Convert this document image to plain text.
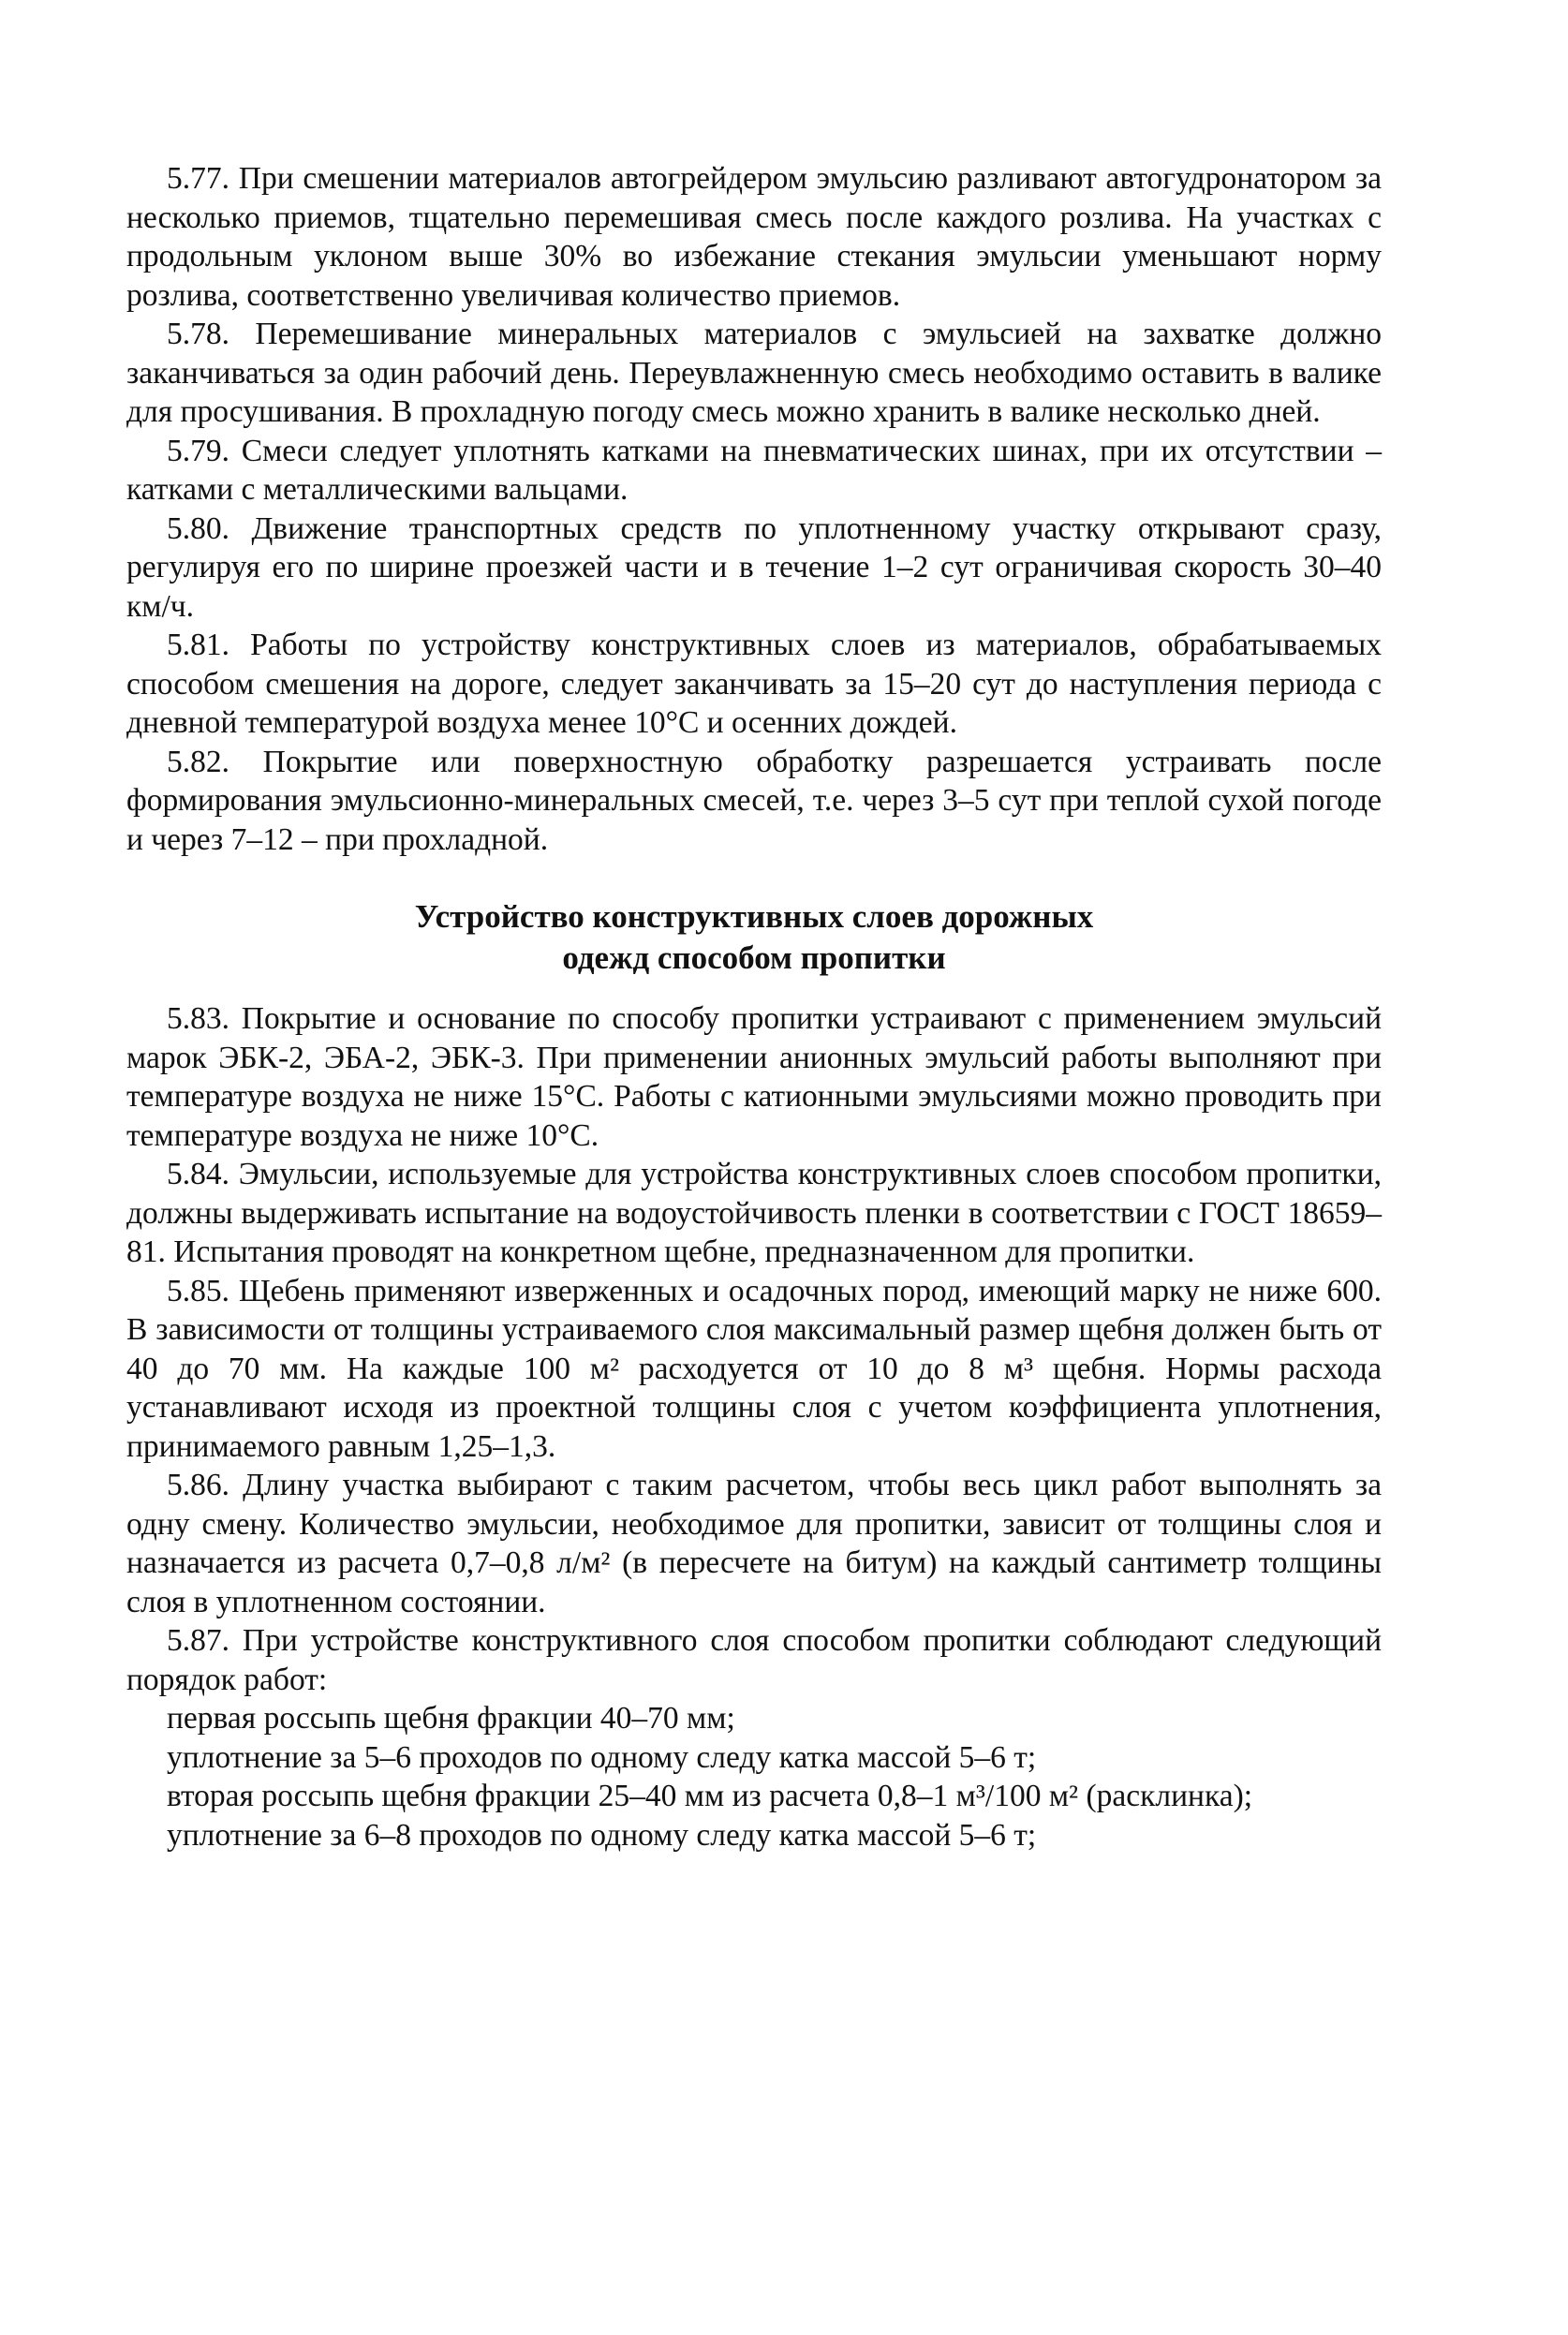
5.77. При смешении материалов автогрейдером эмульсию разливают автогудронатором за несколько приемов, тщательно перемешивая смесь после каждого розлива. На участках с продольным уклоном выше 30% во избежание стекания эмульсии уменьшают норму розлива, соответственно увеличивая количество приемов.

5.78. Перемешивание минеральных материалов с эмульсией на захватке должно заканчиваться за один рабочий день. Переувлажненную смесь необходимо оставить в валике для просушивания. В прохладную погоду смесь можно хранить в валике несколько дней.

5.79. Смеси следует уплотнять катками на пневматических шинах, при их отсутствии – катками с металлическими вальцами.

5.80. Движение транспортных средств по уплотненному участку открывают сразу, регулируя его по ширине проезжей части и в течение 1–2 сут ограничивая скорость 30–40 км/ч.

5.81. Работы по устройству конструктивных слоев из материалов, обрабатываемых способом смешения на дороге, следует заканчивать за 15–20 сут до наступления периода с дневной температурой воздуха менее 10°С и осенних дождей.

5.82. Покрытие или поверхностную обработку разрешается устраивать после формирования эмульсионно-минеральных смесей, т.е. через 3–5 сут при теплой сухой погоде и через 7–12 – при прохладной.

Устройство конструктивных слоев дорожных
одежд способом пропитки

5.83. Покрытие и основание по способу пропитки устраивают с применением эмульсий марок ЭБК-2, ЭБА-2, ЭБК-3. При применении анионных эмульсий работы выполняют при температуре воздуха не ниже 15°С. Работы с катионными эмульсиями можно проводить при температуре воздуха не ниже 10°С.

5.84. Эмульсии, используемые для устройства конструктивных слоев способом пропитки, должны выдерживать испытание на водоустойчивость пленки в соответствии с ГОСТ 18659–81. Испытания проводят на конкретном щебне, предназначенном для пропитки.

5.85. Щебень применяют изверженных и осадочных пород, имеющий марку не ниже 600. В зависимости от толщины устраиваемого слоя максимальный размер щебня должен быть от 40 до 70 мм. На каждые 100 м² расходуется от 10 до 8 м³ щебня. Нормы расхода устанавливают исходя из проектной толщины слоя с учетом коэффициента уплотнения, принимаемого равным 1,25–1,3.

5.86. Длину участка выбирают с таким расчетом, чтобы весь цикл работ выполнять за одну смену. Количество эмульсии, необходимое для пропитки, зависит от толщины слоя и назначается из расчета 0,7–0,8 л/м² (в пересчете на битум) на каждый сантиметр толщины слоя в уплотненном состоянии.

5.87. При устройстве конструктивного слоя способом пропитки соблюдают следующий порядок работ:

первая россыпь щебня фракции 40–70 мм;

уплотнение за 5–6 проходов по одному следу катка массой 5–6 т;

вторая россыпь щебня фракции 25–40 мм из расчета 0,8–1 м³/100 м² (расклинка);

уплотнение за 6–8 проходов по одному следу катка массой 5–6 т;
